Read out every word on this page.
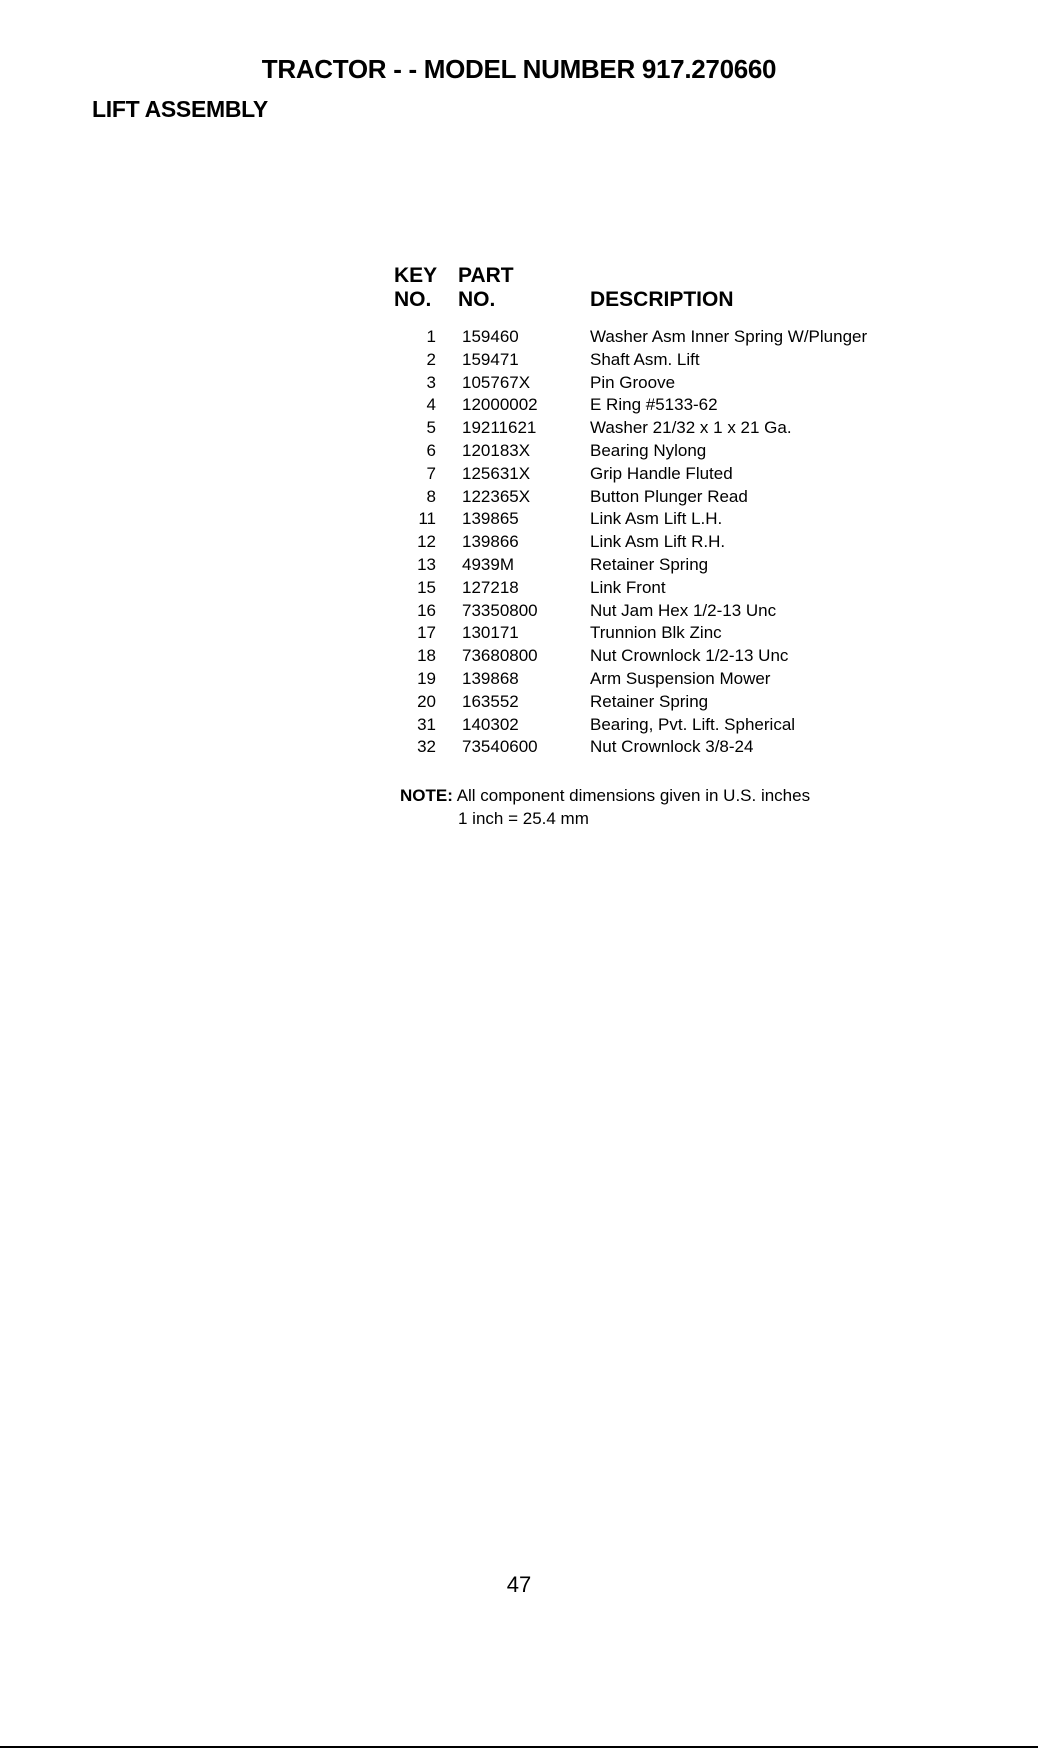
TRACTOR - - MODEL NUMBER 917.270660
LIFT ASSEMBLY
KEY
NO.
PART
NO.	DESCRIPTION
1 159460	Washer Asm Inner Spring W/Plunger
2 159471	Shaft Asm. Lift
3 105767X	Pin Groove
4 12000002	E Ring #5133-62
5 19211621	Washer 21/32 x 1 x 21 Ga.
6 120183X	Bearing Nylong
7 125631X	Grip Handle Fluted
8 122365X	Button Plunger Read
11 139865	Link Asm Lift L.H.
12 139866	Link Asm Lift R.H.
13 4939M	Retainer Spring
15 127218	Link Front
16 73350800	Nut Jam Hex 1/2-13 Unc
17 130171	Trunnion Blk Zinc
18 73680800	Nut Crownlock 1/2-13 Unc
19 139868	Arm Suspension Mower
20 163552	Retainer Spring
31 140302	Bearing, Pvt. Lift. Spherical
32 73540600	Nut Crownlock 3/8-24
NOTE: All component dimensions given in U.S. inches
1 inch = 25.4 mm
47
